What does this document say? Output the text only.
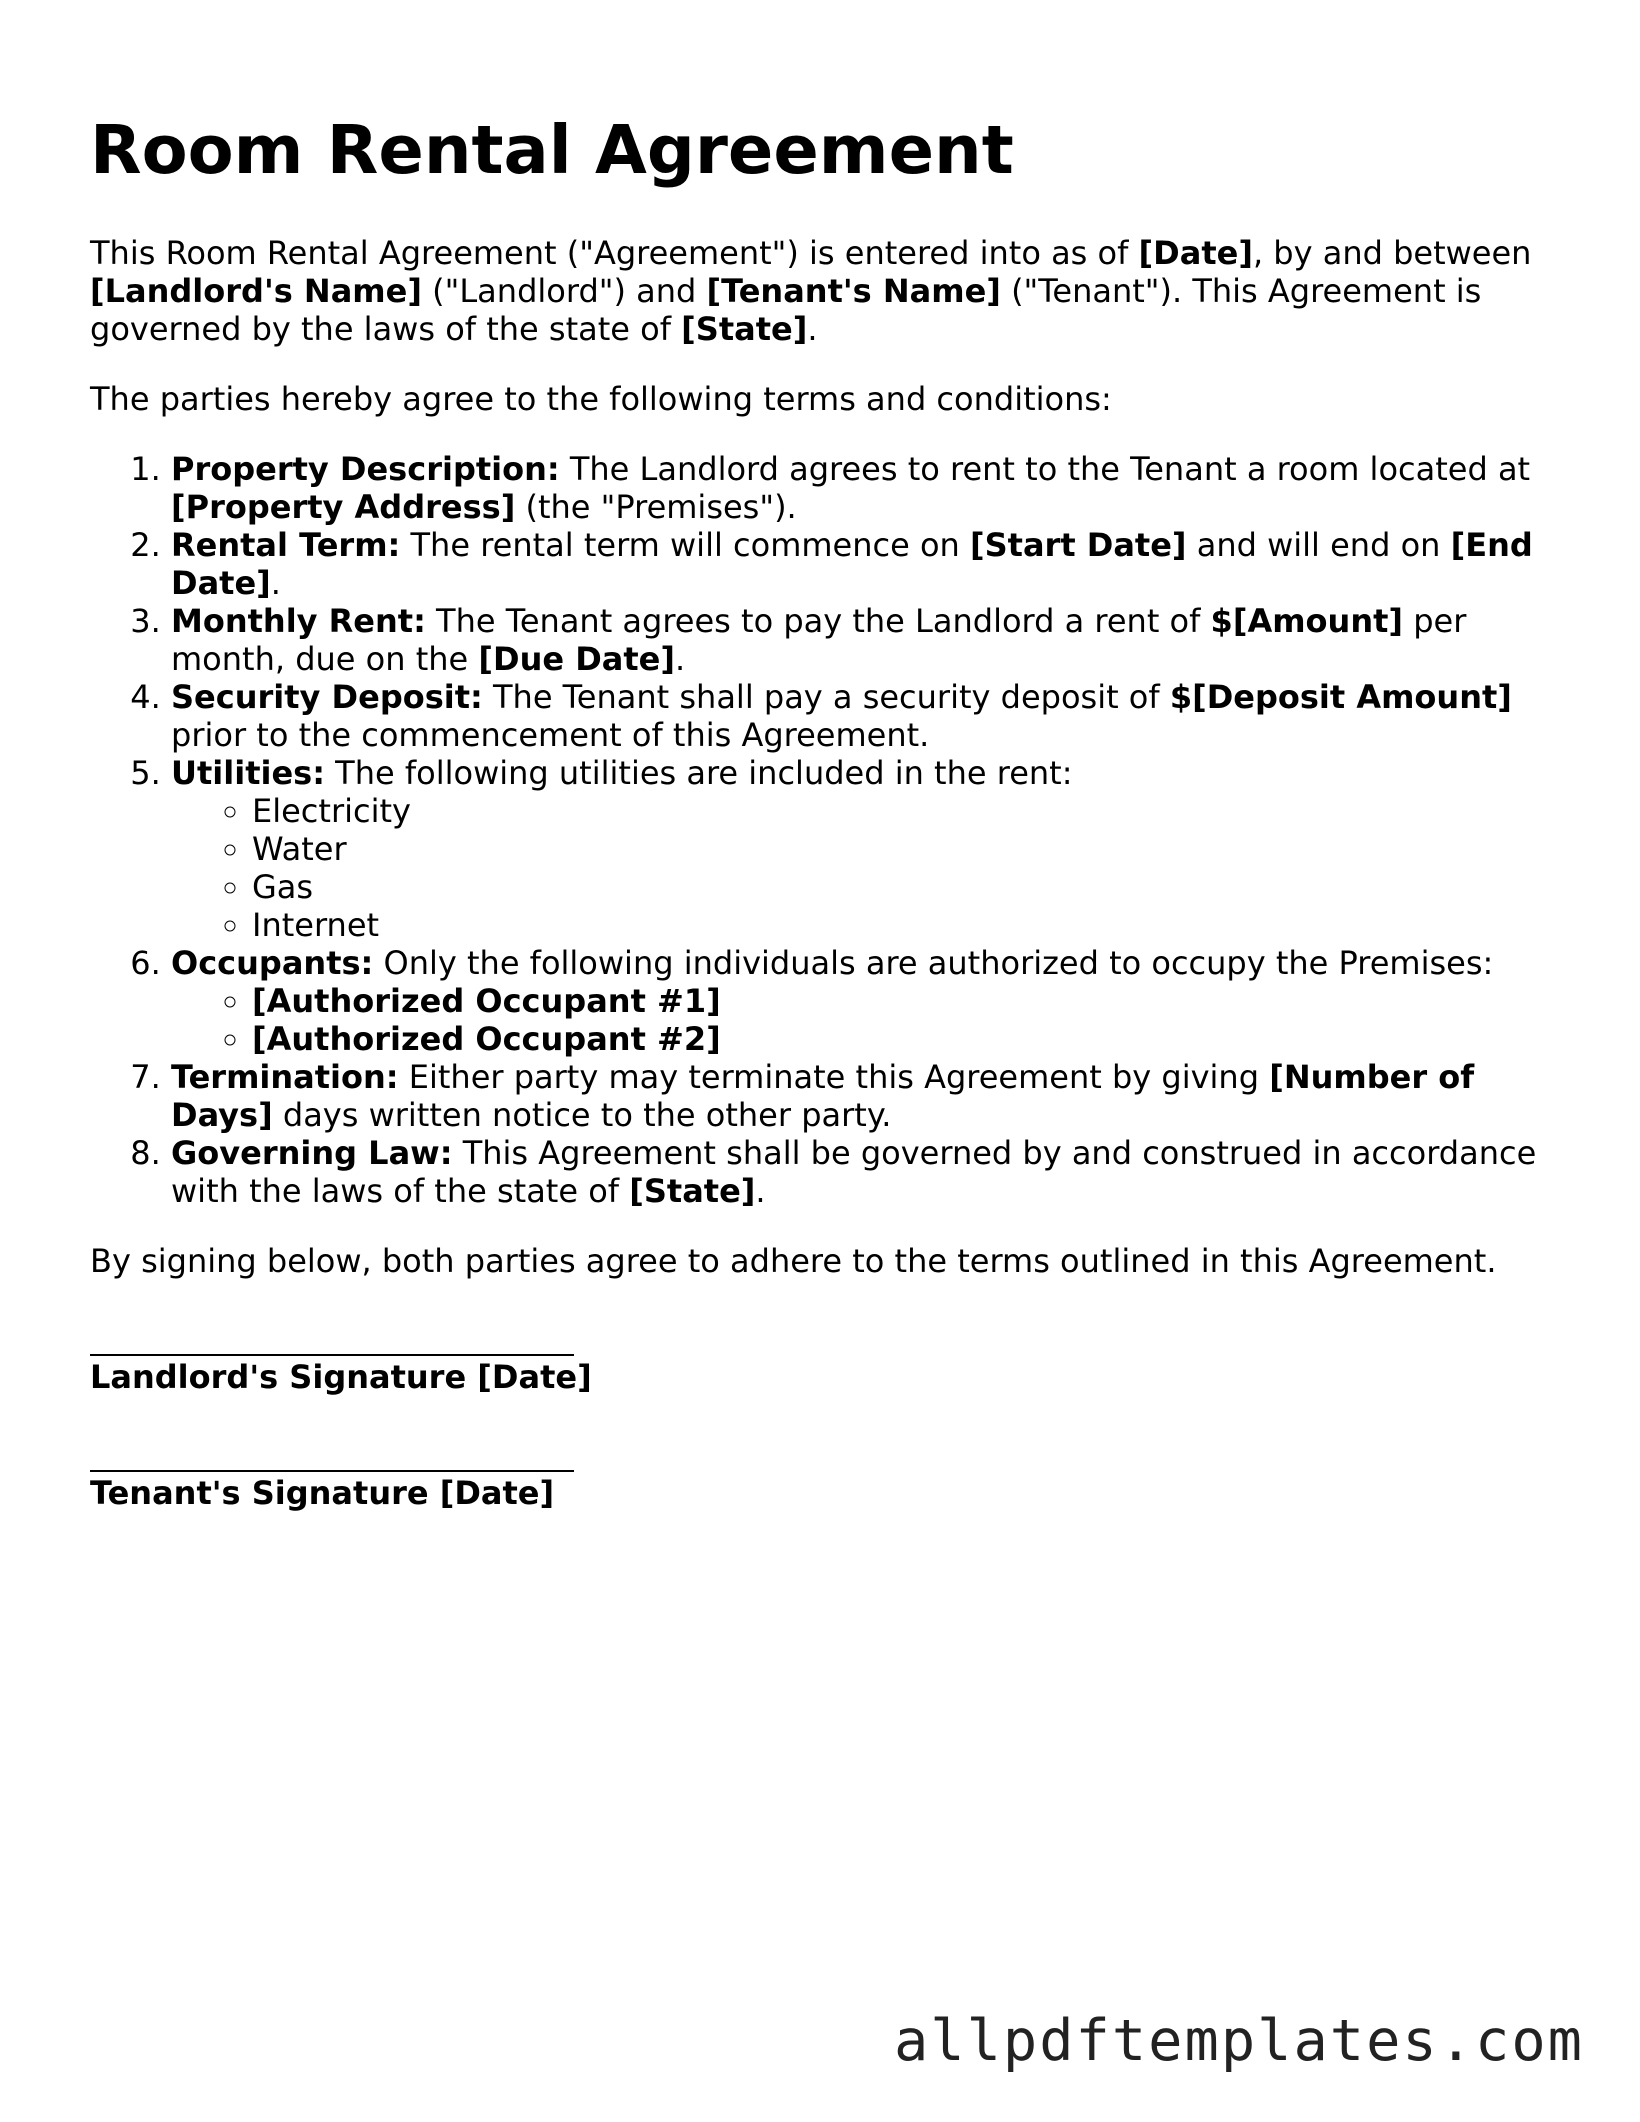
Room Rental Agreement

This Room Rental Agreement ("Agreement") is entered into as of [Date], by and between [Landlord's Name] ("Landlord") and [Tenant's Name] ("Tenant"). This Agreement is governed by the laws of the state of [State].

The parties hereby agree to the following terms and conditions:

1. Property Description: The Landlord agrees to rent to the Tenant a room located at [Property Address] (the "Premises").
2. Rental Term: The rental term will commence on [Start Date] and will end on [End Date].
3. Monthly Rent: The Tenant agrees to pay the Landlord a rent of $[Amount] per month, due on the [Due Date].
4. Security Deposit: The Tenant shall pay a security deposit of $[Deposit Amount] prior to the commencement of this Agreement.
5. Utilities: The following utilities are included in the rent:
◦ Electricity
◦ Water
◦ Gas
◦ Internet
6. Occupants: Only the following individuals are authorized to occupy the Premises:
◦ [Authorized Occupant #1]
◦ [Authorized Occupant #2]
7. Termination: Either party may terminate this Agreement by giving [Number of Days] days written notice to the other party.
8. Governing Law: This Agreement shall be governed by and construed in accordance with the laws of the state of [State].

By signing below, both parties agree to adhere to the terms outlined in this Agreement.

Landlord's Signature [Date]
Tenant's Signature [Date]
allpdftemplates.com
